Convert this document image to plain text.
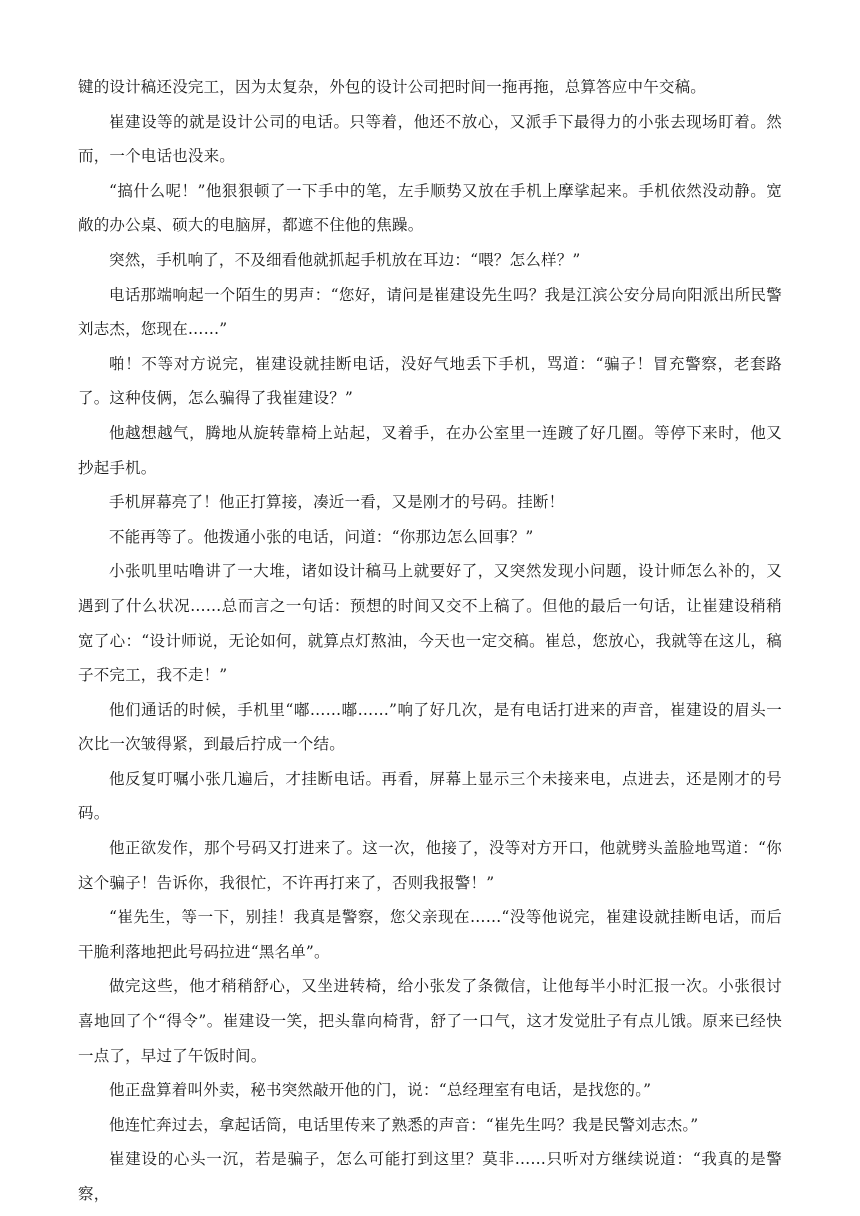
键的设计稿还没完工，因为太复杂，外包的设计公司把时间一拖再拖，总算答应中午交稿。

崔建设等的就是设计公司的电话。只等着，他还不放心，又派手下最得力的小张去现场盯着。然而，一个电话也没来。

“搞什么呢！”他狠狠顿了一下手中的笔，左手顺势又放在手机上摩挲起来。手机依然没动静。宽敞的办公桌、硕大的电脑屏，都遮不住他的焦躁。

突然，手机响了，不及细看他就抓起手机放在耳边：“喂？怎么样？”

电话那端响起一个陌生的男声：“您好，请问是崔建设先生吗？我是江滨公安分局向阳派出所民警刘志杰，您现在……”

啪！不等对方说完，崔建设就挂断电话，没好气地丢下手机，骂道：“骗子！冒充警察，老套路了。这种伎俩，怎么骗得了我崔建设？”

他越想越气，腾地从旋转靠椅上站起，叉着手，在办公室里一连踱了好几圈。等停下来时，他又抄起手机。

手机屏幕亮了！他正打算接，凑近一看，又是刚才的号码。挂断！

不能再等了。他拨通小张的电话，问道：“你那边怎么回事？”

小张叽里咕噜讲了一大堆，诸如设计稿马上就要好了，又突然发现小问题，设计师怎么补的，又遇到了什么状况……总而言之一句话：预想的时间又交不上稿了。但他的最后一句话，让崔建设稍稍宽了心：“设计师说，无论如何，就算点灯熬油，今天也一定交稿。崔总，您放心，我就等在这儿，稿子不完工，我不走！”

他们通话的时候，手机里“嘟……嘟……”响了好几次，是有电话打进来的声音，崔建设的眉头一次比一次皱得紧，到最后拧成一个结。

他反复叮嘱小张几遍后，才挂断电话。再看，屏幕上显示三个未接来电，点进去，还是刚才的号码。

他正欲发作，那个号码又打进来了。这一次，他接了，没等对方开口，他就劈头盖脸地骂道：“你这个骗子！告诉你，我很忙，不许再打来了，否则我报警！”

“崔先生，等一下，别挂！我真是警察，您父亲现在……“没等他说完，崔建设就挂断电话，而后干脆利落地把此号码拉进“黑名单”。

做完这些，他才稍稍舒心，又坐进转椅，给小张发了条微信，让他每半小时汇报一次。小张很讨喜地回了个“得令”。崔建设一笑，把头靠向椅背，舒了一口气，这才发觉肚子有点儿饿。原来已经快一点了，早过了午饭时间。

他正盘算着叫外卖，秘书突然敲开他的门，说：“总经理室有电话，是找您的。”

他连忙奔过去，拿起话筒，电话里传来了熟悉的声音：“崔先生吗？我是民警刘志杰。”

崔建设的心头一沉，若是骗子，怎么可能打到这里？莫非……只听对方继续说道：“我真的是警察，
